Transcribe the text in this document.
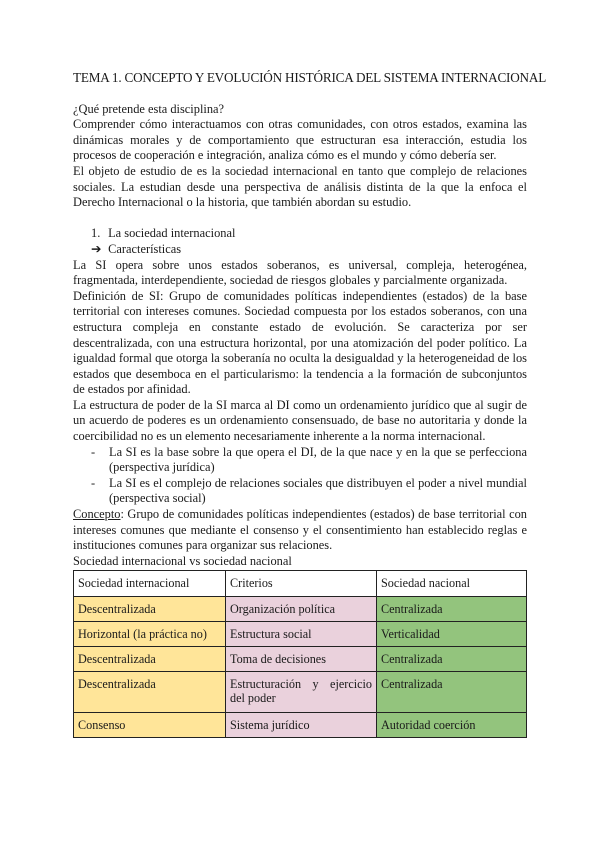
TEMA 1. CONCEPTO Y EVOLUCIÓN HISTÓRICA DEL SISTEMA INTERNACIONAL

¿Qué pretende esta disciplina?

Comprender cómo interactuamos con otras comunidades, con otros estados, examina las dinámicas morales y de comportamiento que estructuran esa interacción, estudia los procesos de cooperación e integración, analiza cómo es el mundo y cómo debería ser.

El objeto de estudio de es la sociedad internacional en tanto que complejo de relaciones sociales. La estudian desde una perspectiva de análisis distinta de la que la enfoca el Derecho Internacional o la historia, que también abordan su estudio.

1. La sociedad internacional
➔ Características

La SI opera sobre unos estados soberanos, es universal, compleja, heterogénea, fragmentada, interdependiente, sociedad de riesgos globales y parcialmente organizada.

Definición de SI: Grupo de comunidades políticas independientes (estados) de la base territorial con intereses comunes. Sociedad compuesta por los estados soberanos, con una estructura compleja en constante estado de evolución. Se caracteriza por ser descentralizada, con una estructura horizontal, por una atomización del poder político. La igualdad formal que otorga la soberanía no oculta la desigualdad y la heterogeneidad de los estados que desemboca en el particularismo: la tendencia a la formación de subconjuntos de estados por afinidad.

La estructura de poder de la SI marca al DI como un ordenamiento jurídico que al sugir de un acuerdo de poderes es un ordenamiento consensuado, de base no autoritaria y donde la coercibilidad no es un elemento necesariamente inherente a la norma internacional.

-	La SI es la base sobre la que opera el DI, de la que nace y en la que se perfecciona (perspectiva jurídica)
-	La SI es el complejo de relaciones sociales que distribuyen el poder a nivel mundial (perspectiva social)

Concepto: Grupo de comunidades políticas independientes (estados) de base territorial con intereses comunes que mediante el consenso y el consentimiento han establecido reglas e instituciones comunes para organizar sus relaciones.

Sociedad internacional vs sociedad nacional

Sociedad internacional	Criterios	Sociedad nacional
Descentralizada	Organización política	Centralizada
Horizontal (la práctica no)	Estructura social	Verticalidad
Descentralizada	Toma de decisiones	Centralizada
Descentralizada	Estructuración y ejercicio del poder	Centralizada
Consenso	Sistema jurídico	Autoridad coerción
